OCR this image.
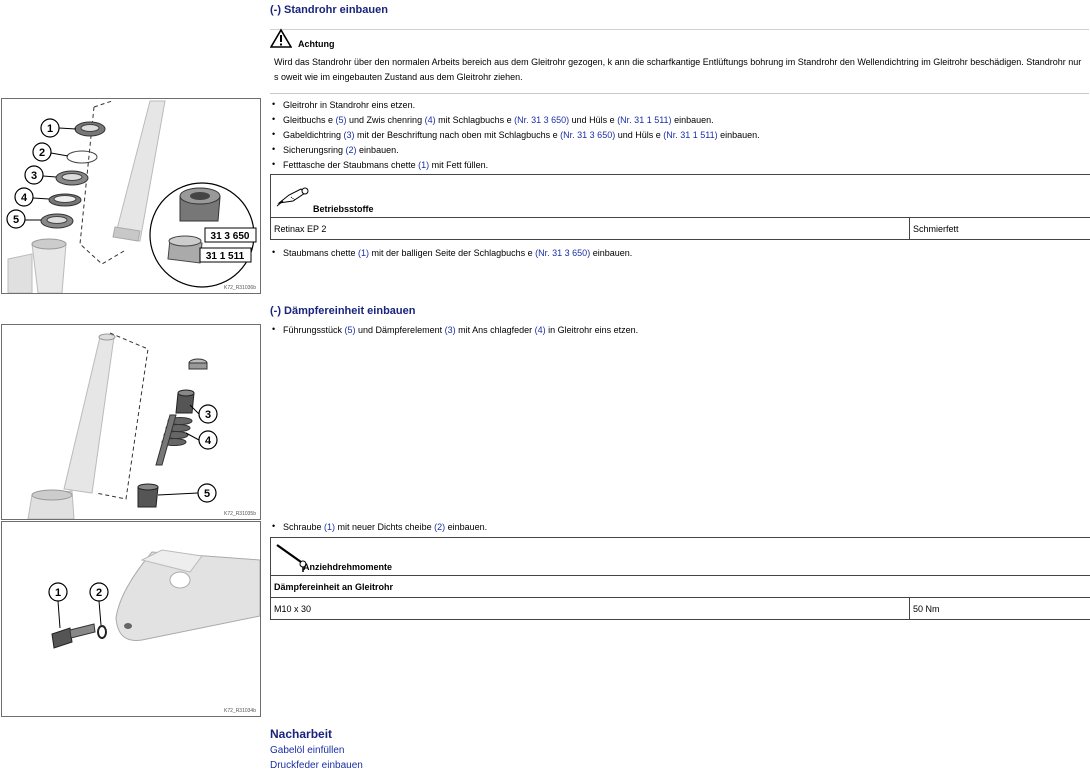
(-) Standrohr einbauen
Achtung
Wird das Standrohr über den normalen Arbeits bereich aus dem Gleitrohr gezogen, k ann die scharfkantige Entlüftungs bohrung im Standrohr den Wellendichtring im Gleitrohr beschädigen. Standrohr nur s oweit wie im eingebauten Zustand aus dem Gleitrohr ziehen.
1
2
3
4
5
31 3 650
31 1 511
K72_R31036b
• Gleitrohr in Standrohr eins etzen.
• Gleitbuchs e (5) und Zwis chenring (4) mit Schlagbuchs e (Nr. 31 3 650) und Hüls e (Nr. 31 1 511) einbauen.
• Gabeldichtring (3) mit der Beschriftung nach oben mit Schlagbuchs e (Nr. 31 3 650) und Hüls e (Nr. 31 1 511) einbauen.
• Sicherungsring (2) einbauen.
• Fetttasche der Staubmans chette (1) mit Fett füllen.
Betriebsstoffe

Retinax EP 2	Schmierfett
• Staubmans chette (1) mit der balligen Seite der Schlagbuchs e (Nr. 31 3 650) einbauen.
(-) Dämpfereinheit einbauen
3
4
5
K72_R31035b
• Führungsstück (5) und Dämpferelement (3) mit Ans chlagfeder (4) in Gleitrohr eins etzen.
1	2
K72_R31034b
• Schraube (1) mit neuer Dichts cheibe (2) einbauen.
Anziehdrehmomente

Dämpfereinheit an Gleitrohr
M10 x 30	50 Nm
Nacharbeit
Gabelöl einfüllen
Druckfeder einbauen
